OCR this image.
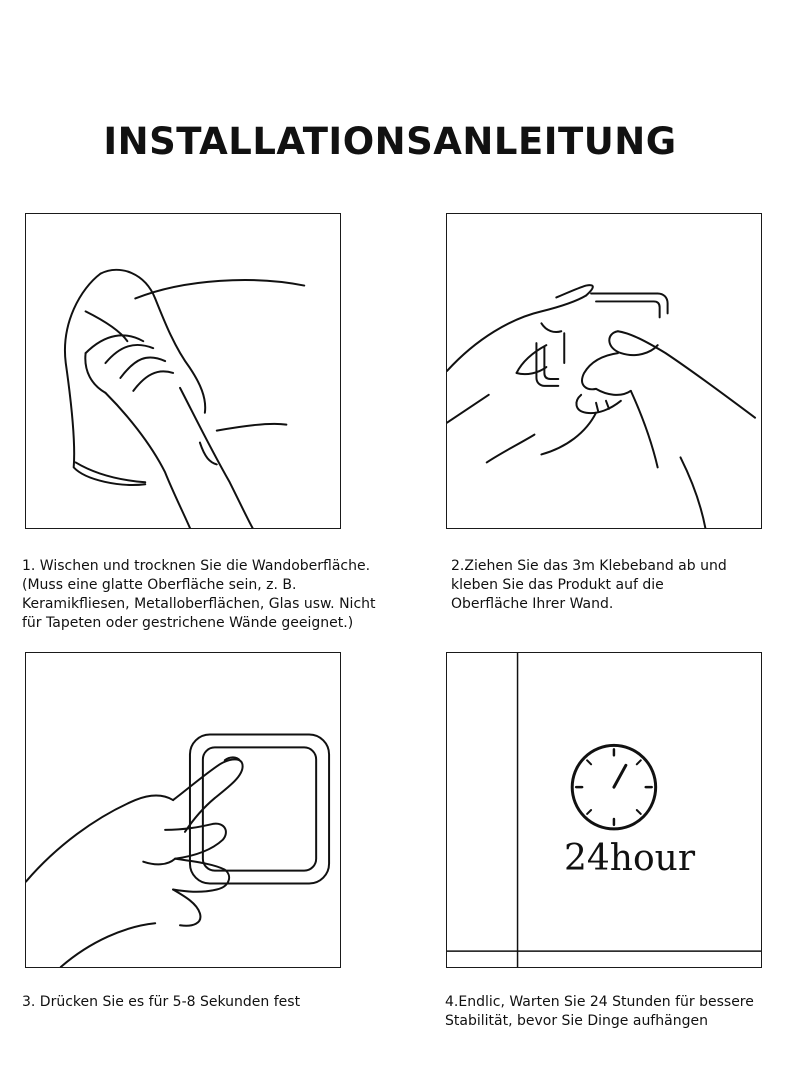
INSTALLATIONSANLEITUNG

1. Wischen und trocknen Sie die Wandoberfläche.
(Muss eine glatte Oberfläche sein, z. B.
Keramikfliesen, Metalloberflächen, Glas usw. Nicht
für Tapeten oder gestrichene Wände geeignet.)

2.Ziehen Sie das 3m Klebeband ab und
kleben Sie das Produkt auf die
Oberfläche Ihrer Wand.

3. Drücken Sie es für 5-8 Sekunden fest

24hour

4.Endlic, Warten Sie 24 Stunden für bessere
Stabilität, bevor Sie Dinge aufhängen
